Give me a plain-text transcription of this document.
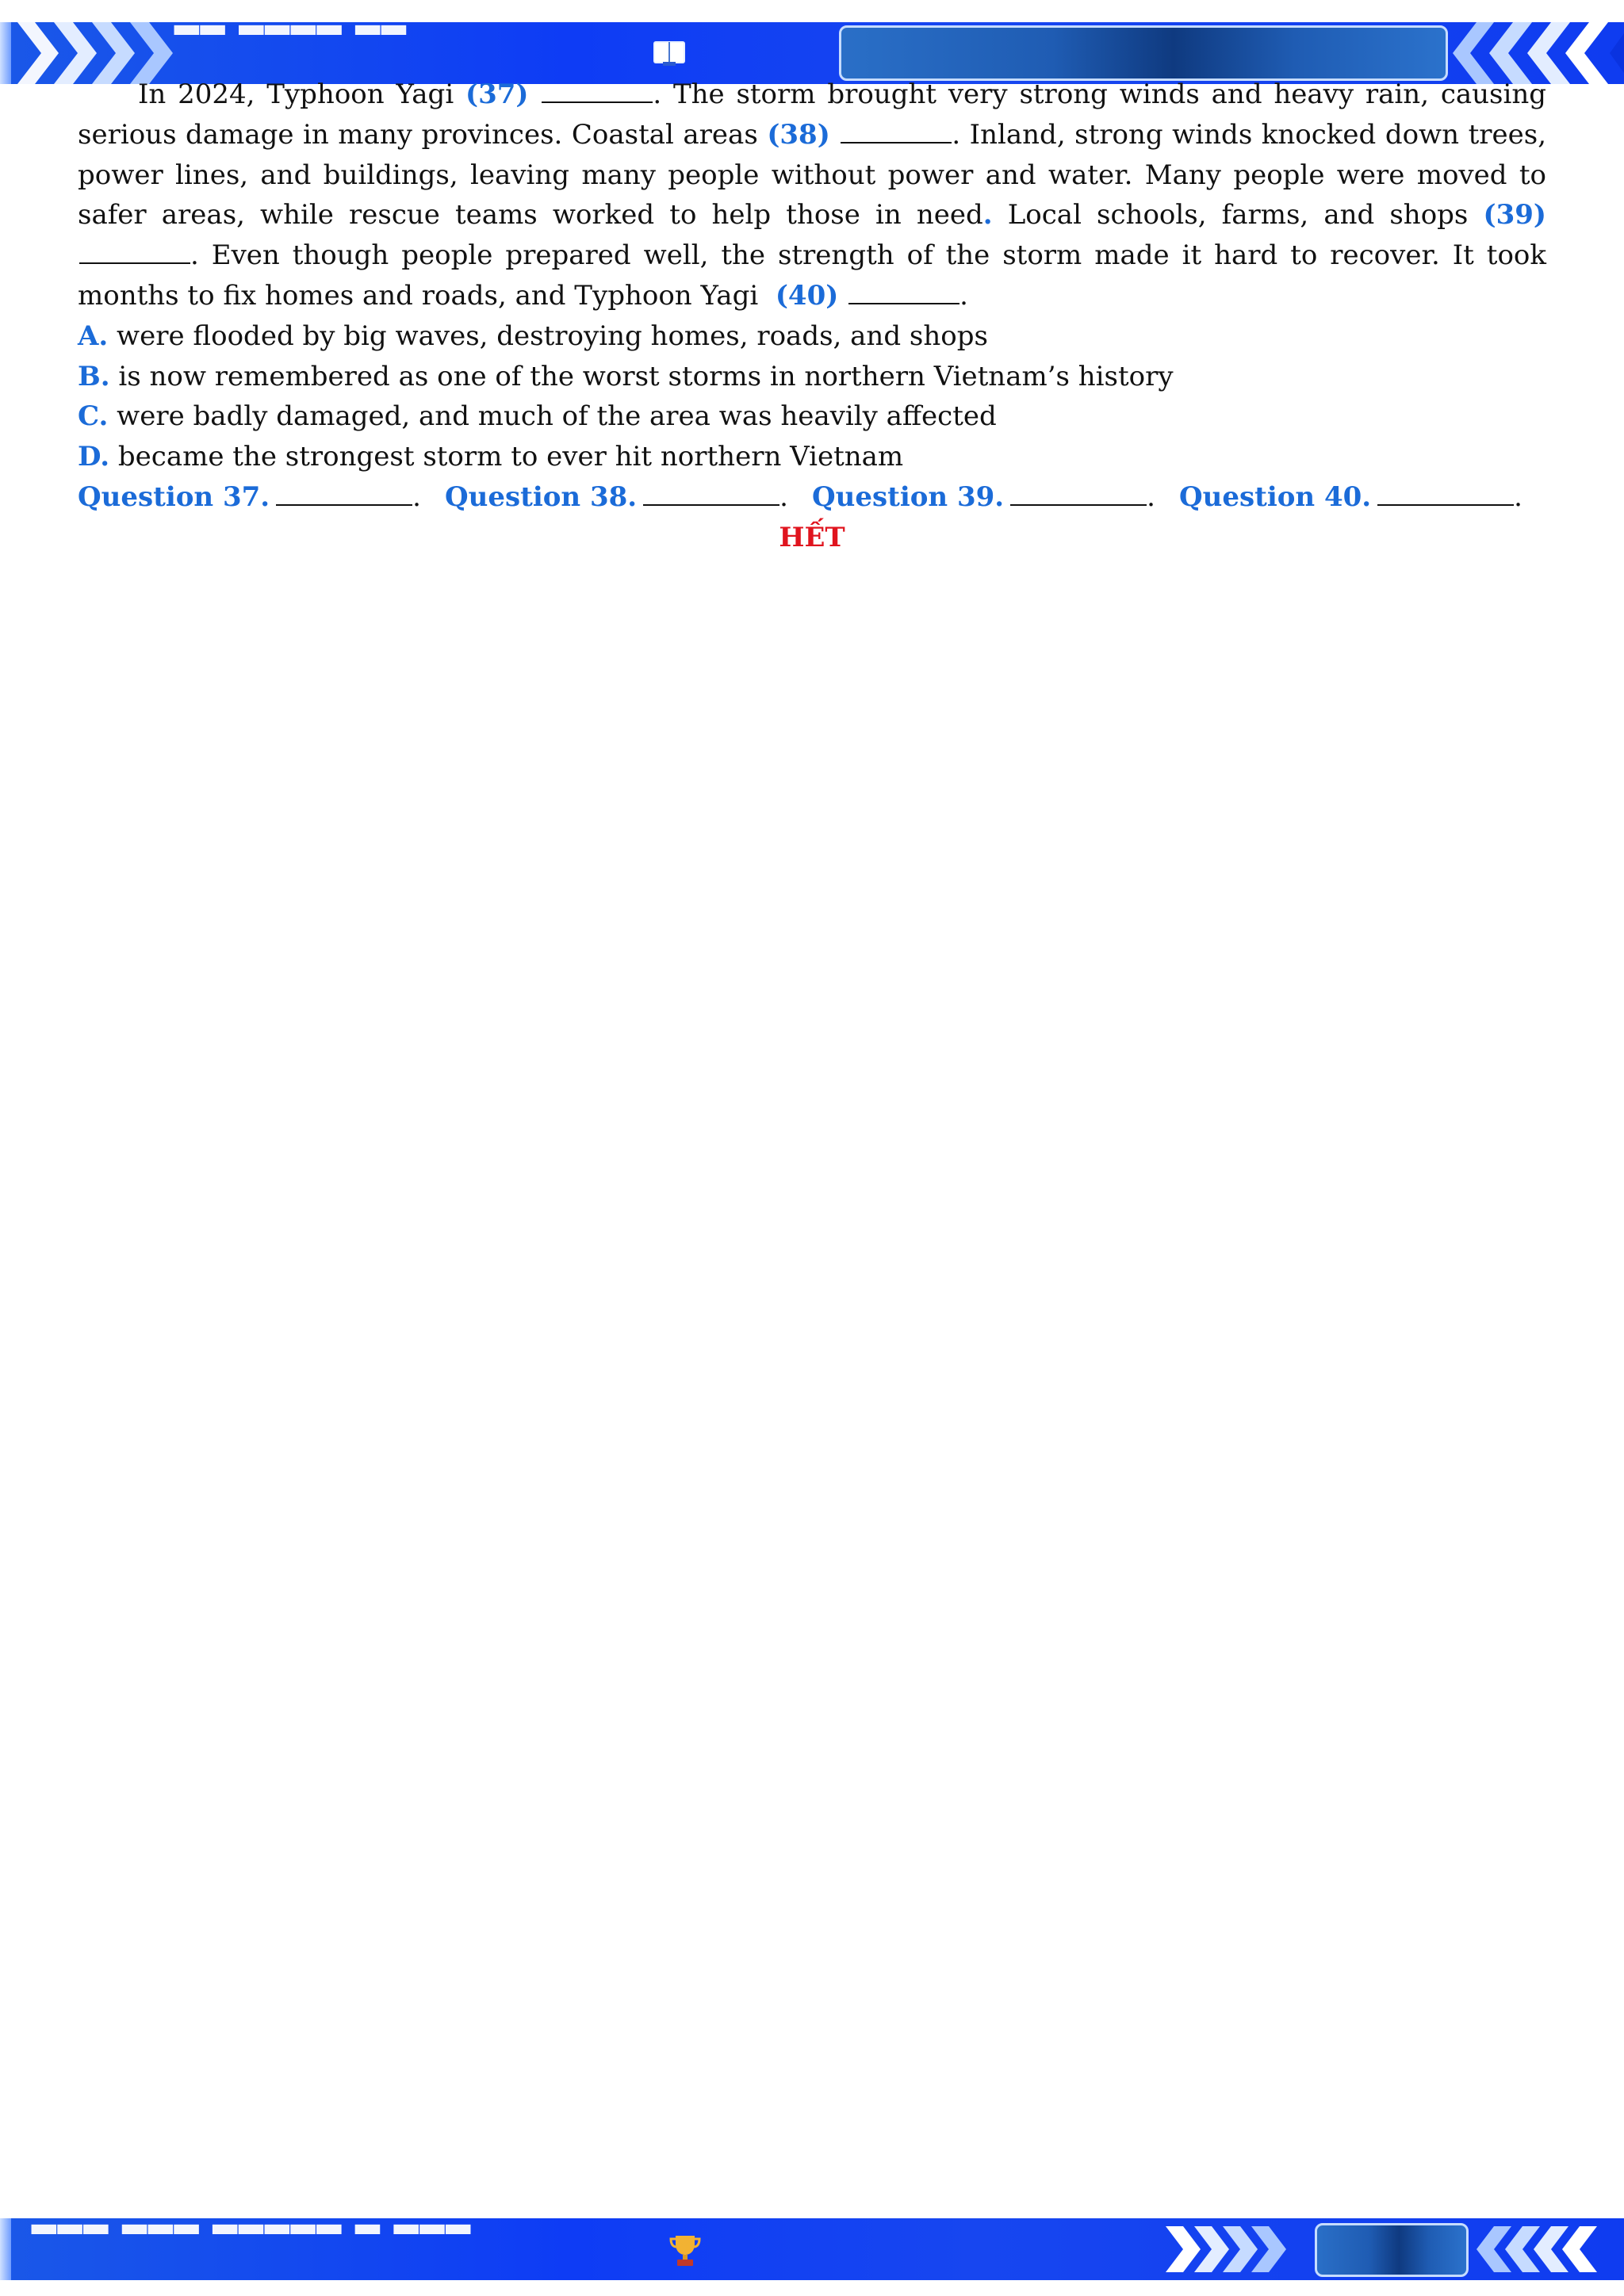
▂▂ ▂▂▂▂ ▂▂

In 2024, Typhoon Yagi (37)	. The storm brought very strong winds and heavy rain, causing serious damage in many provinces. Coastal areas (38)	. Inland, strong winds knocked down trees, power lines, and buildings, leaving many people without power and water. Many people were moved to safer areas, while rescue teams worked to help those in need. Local schools, farms, and shops (39) . Even though people prepared well, the strength of the storm made it hard to recover. It took months to fix homes and roads, and Typhoon Yagi (40)	.

A. were flooded by big waves, destroying homes, roads, and shops

B. is now remembered as one of the worst storms in northern Vietnam’s history

C. were badly damaged, and much of the area was heavily affected

D. became the strongest storm to ever hit northern Vietnam

Question 37.	. Question 38.	. Question 39.	. Question 40.	.

HẾT

▂▂▂ ▂▂▂ ▂▂▂▂▂ ▂ ▂▂▂
